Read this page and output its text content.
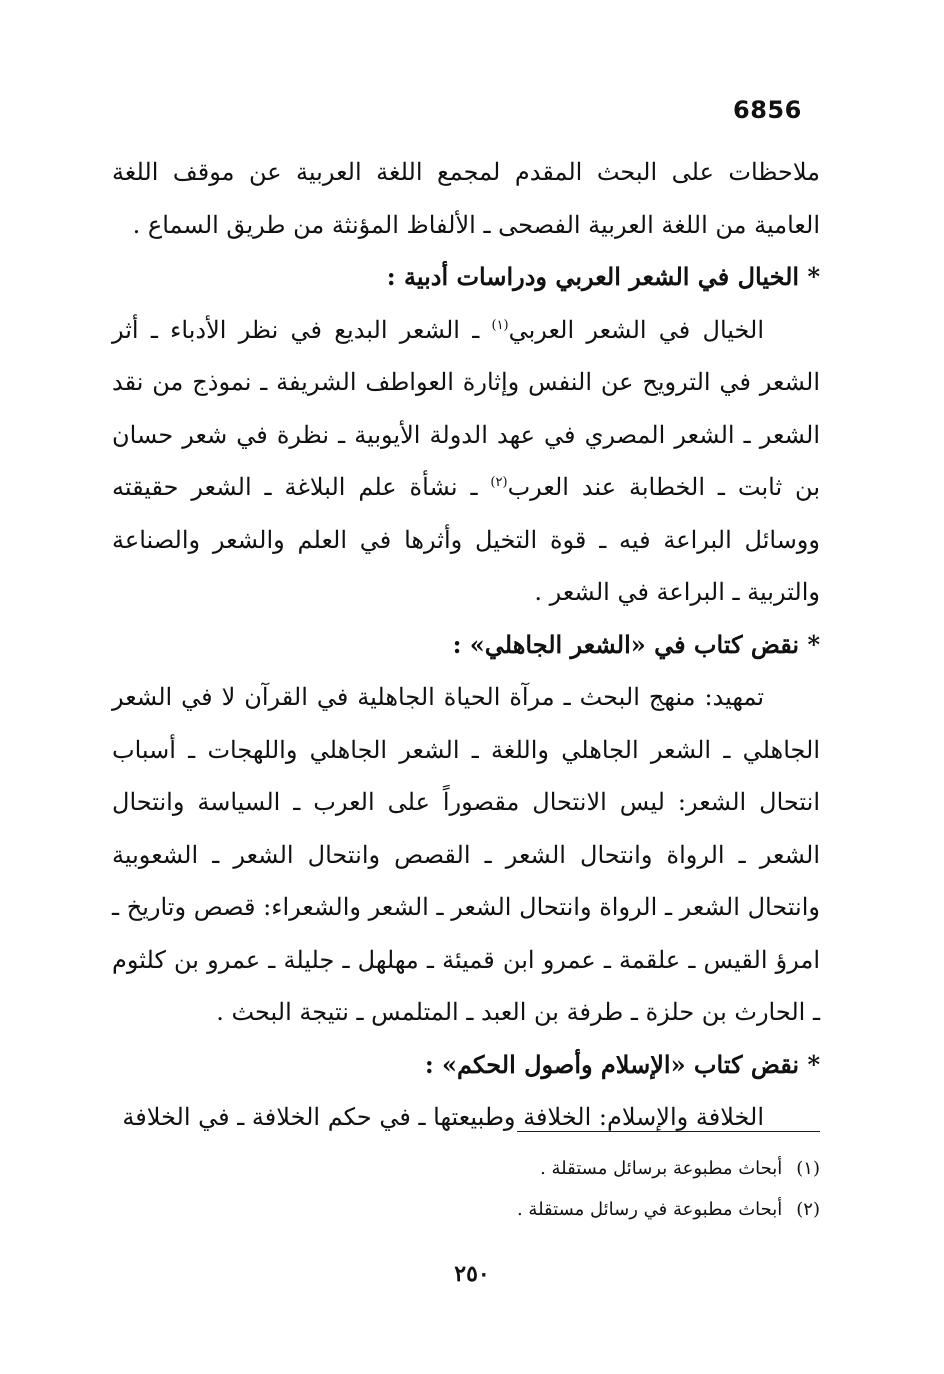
6856

ملاحظات على البحث المقدم لمجمع اللغة العربية عن موقف اللغة العامية من اللغة العربية الفصحى ـ الألفاظ المؤنثة من طريق السماع .

* الخيال في الشعر العربي ودراسات أدبية :

الخيال في الشعر العربي$^{(١)}$ ـ الشعر البديع في نظر الأدباء ـ أثر الشعر في الترويح عن النفس وإثارة العواطف الشريفة ـ نموذج من نقد الشعر ـ الشعر المصري في عهد الدولة الأيوبية ـ نظرة في شعر حسان بن ثابت ـ الخطابة عند العرب$^{(٢)}$ ـ نشأة علم البلاغة ـ الشعر حقيقته ووسائل البراعة فيه ـ قوة التخيل وأثرها في العلم والشعر والصناعة والتربية ـ البراعة في الشعر .

* نقض كتاب في «الشعر الجاهلي» :

تمهيد: منهج البحث ـ مرآة الحياة الجاهلية في القرآن لا في الشعر الجاهلي ـ الشعر الجاهلي واللغة ـ الشعر الجاهلي واللهجات ـ أسباب انتحال الشعر: ليس الانتحال مقصوراً على العرب ـ السياسة وانتحال الشعر ـ الرواة وانتحال الشعر ـ القصص وانتحال الشعر ـ الشعوبية وانتحال الشعر ـ الرواة وانتحال الشعر ـ الشعر والشعراء: قصص وتاريخ ـ امرؤ القيس ـ علقمة ـ عمرو ابن قميئة ـ مهلهل ـ جليلة ـ عمرو بن كلثوم ـ الحارث بن حلزة ـ طرفة بن العبد ـ المتلمس ـ نتيجة البحث .

* نقض كتاب «الإسلام وأصول الحكم» :

الخلافة والإسلام: الخلافة وطبيعتها ـ في حكم الخلافة ـ في الخلافة

(١)أبحاث مطبوعة برسائل مستقلة .

(٢)أبحاث مطبوعة في رسائل مستقلة .

٢٥٠
